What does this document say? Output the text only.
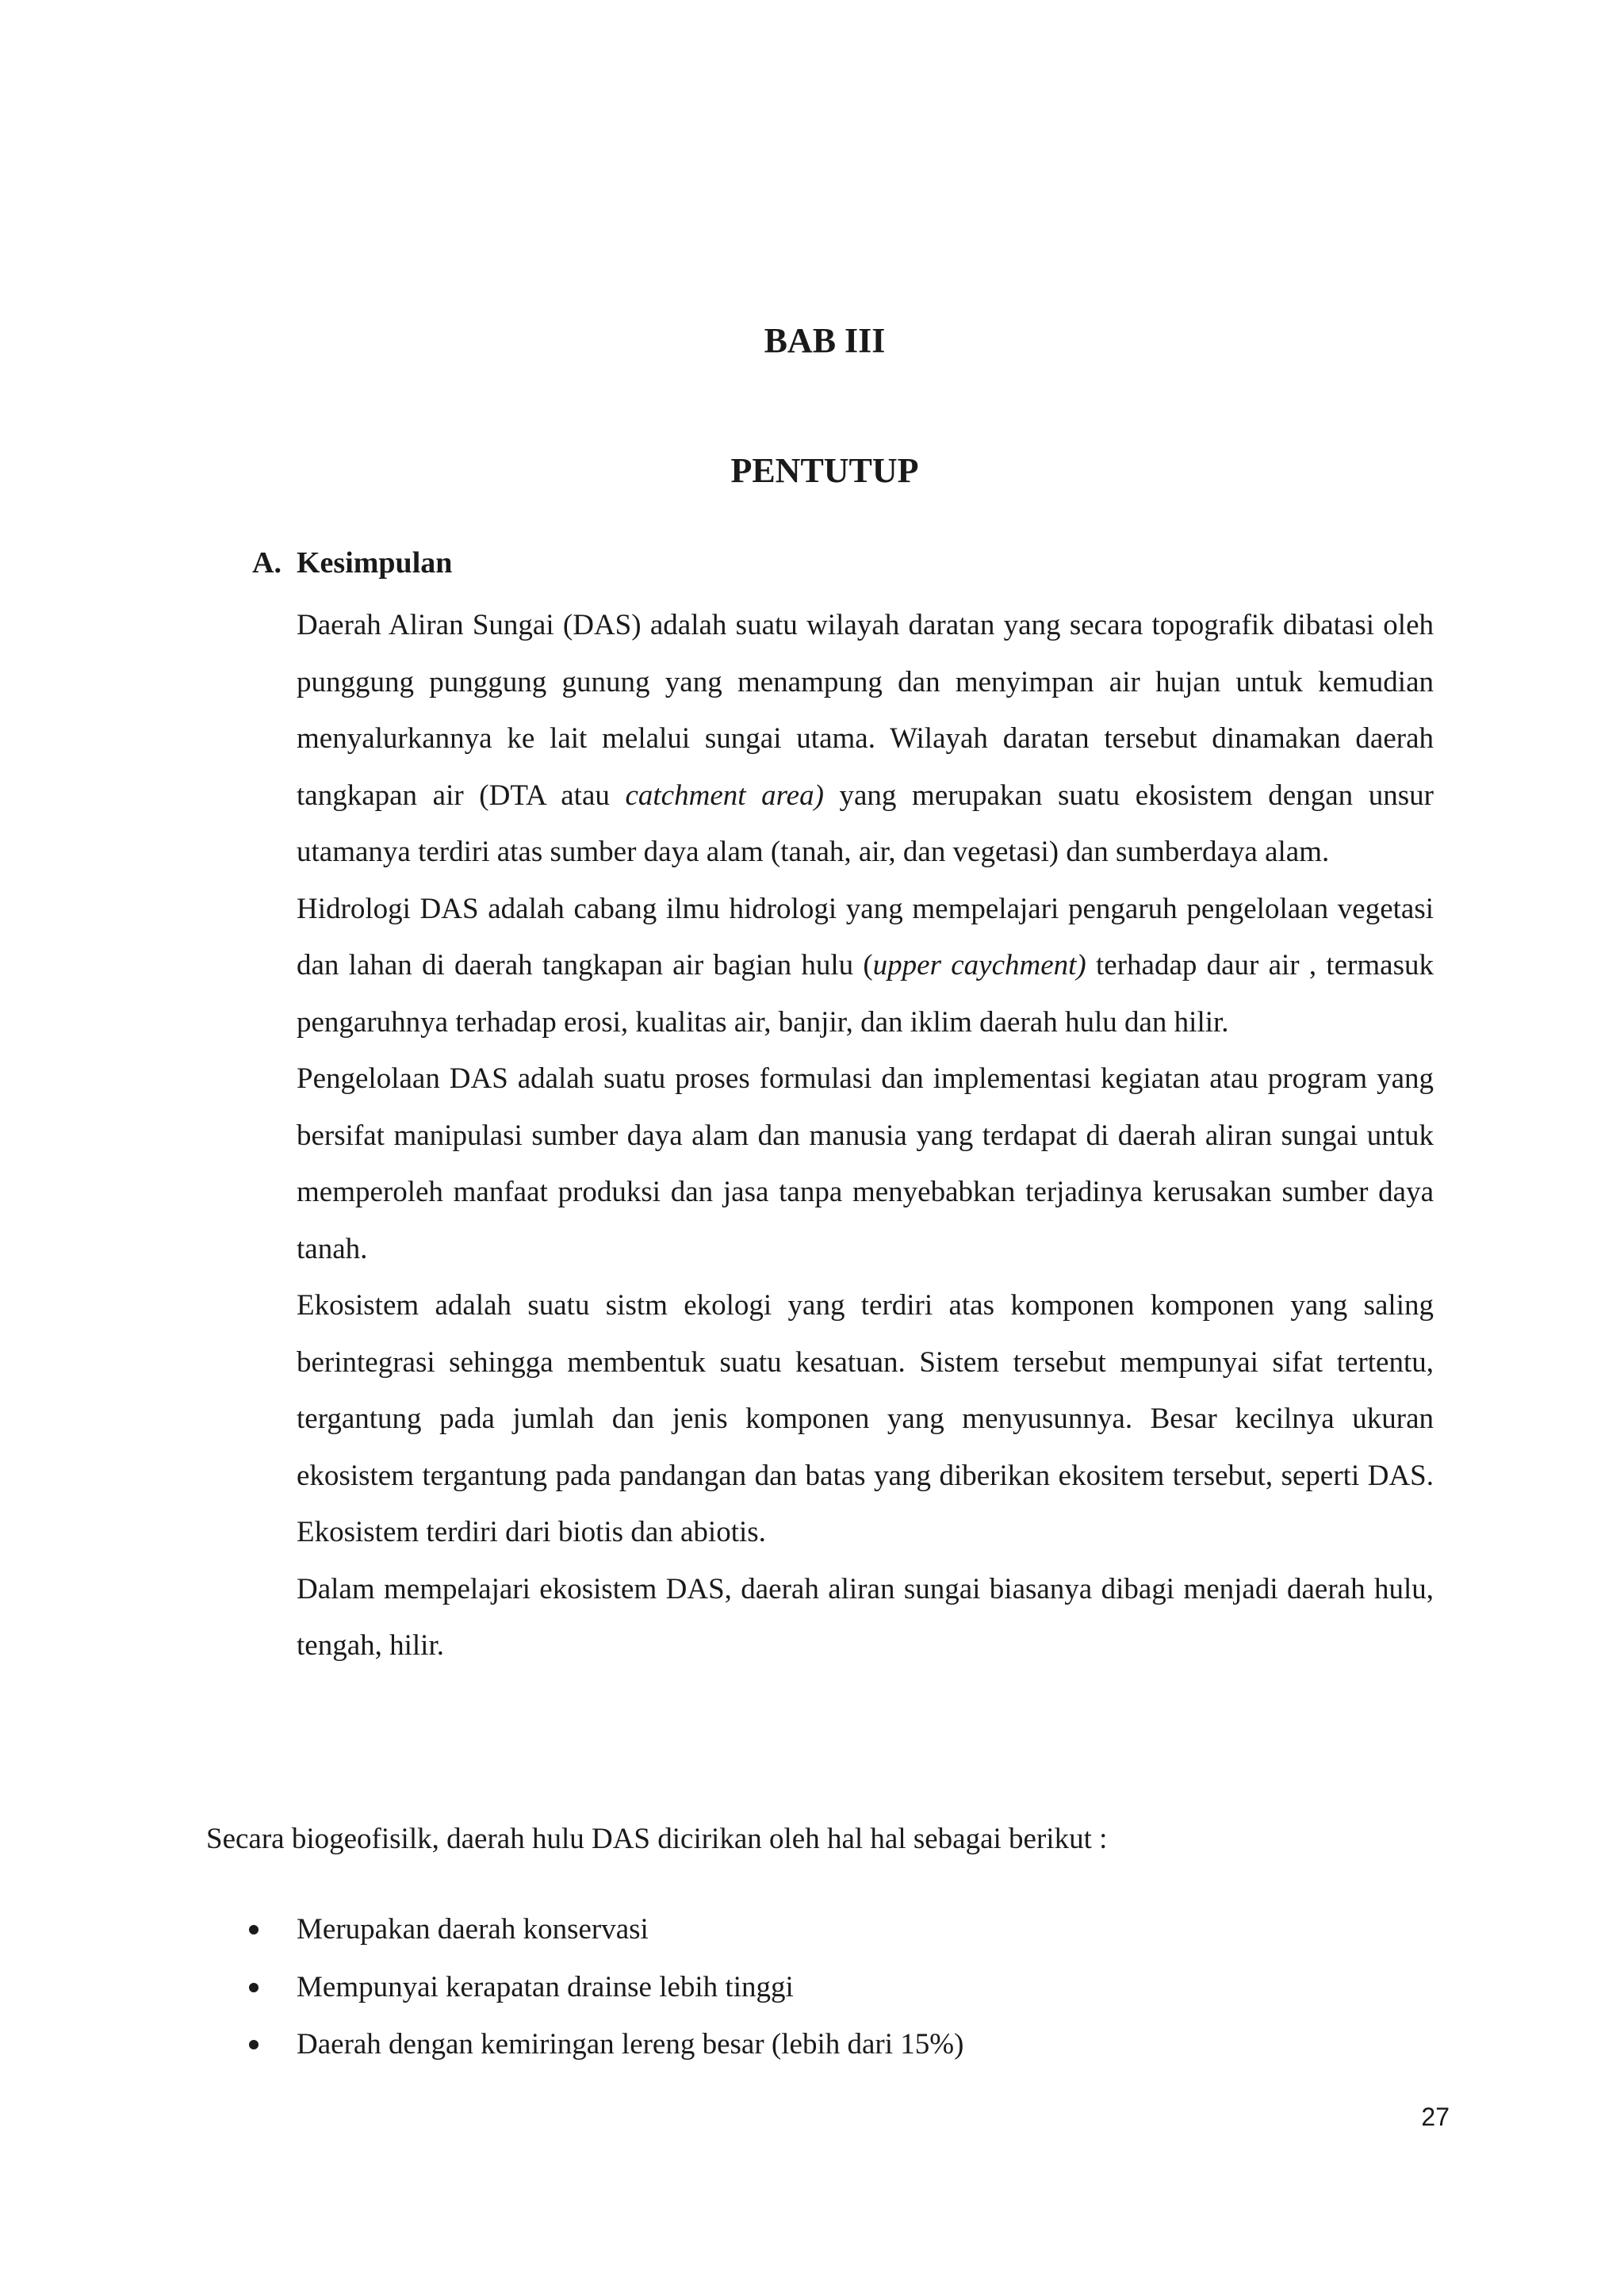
BAB III
PENTUTUP
A. Kesimpulan

Daerah Aliran Sungai (DAS) adalah suatu wilayah daratan yang secara topografik dibatasi oleh punggung punggung gunung yang menampung dan menyimpan air hujan untuk kemudian menyalurkannya ke lait melalui sungai utama. Wilayah daratan tersebut dinamakan daerah tangkapan air (DTA atau catchment area) yang merupakan suatu ekosistem dengan unsur utamanya terdiri atas sumber daya alam (tanah, air, dan vegetasi) dan sumberdaya alam.

Hidrologi DAS adalah cabang ilmu hidrologi yang mempelajari pengaruh pengelolaan vegetasi dan lahan di daerah tangkapan air bagian hulu (upper caychment) terhadap daur air , termasuk pengaruhnya terhadap erosi, kualitas air, banjir, dan iklim daerah hulu dan hilir.

Pengelolaan DAS adalah suatu proses formulasi dan implementasi kegiatan atau program yang bersifat manipulasi sumber daya alam dan manusia yang terdapat di daerah aliran sungai untuk memperoleh manfaat produksi dan jasa tanpa menyebabkan terjadinya kerusakan sumber daya tanah.

Ekosistem adalah suatu sistm ekologi yang terdiri atas komponen komponen yang saling berintegrasi sehingga membentuk suatu kesatuan. Sistem tersebut mempunyai sifat tertentu, tergantung pada jumlah dan jenis komponen yang menyusunnya. Besar kecilnya ukuran ekosistem tergantung pada pandangan dan batas yang diberikan ekositem tersebut, seperti DAS. Ekosistem terdiri dari biotis dan abiotis.

Dalam mempelajari ekosistem DAS, daerah aliran sungai biasanya dibagi menjadi daerah hulu, tengah, hilir.

Secara biogeofisilk, daerah hulu DAS dicirikan oleh hal hal sebagai berikut :

Merupakan daerah konservasi
Mempunyai kerapatan drainse lebih tinggi
Daerah dengan kemiringan lereng besar (lebih dari 15%)
27
